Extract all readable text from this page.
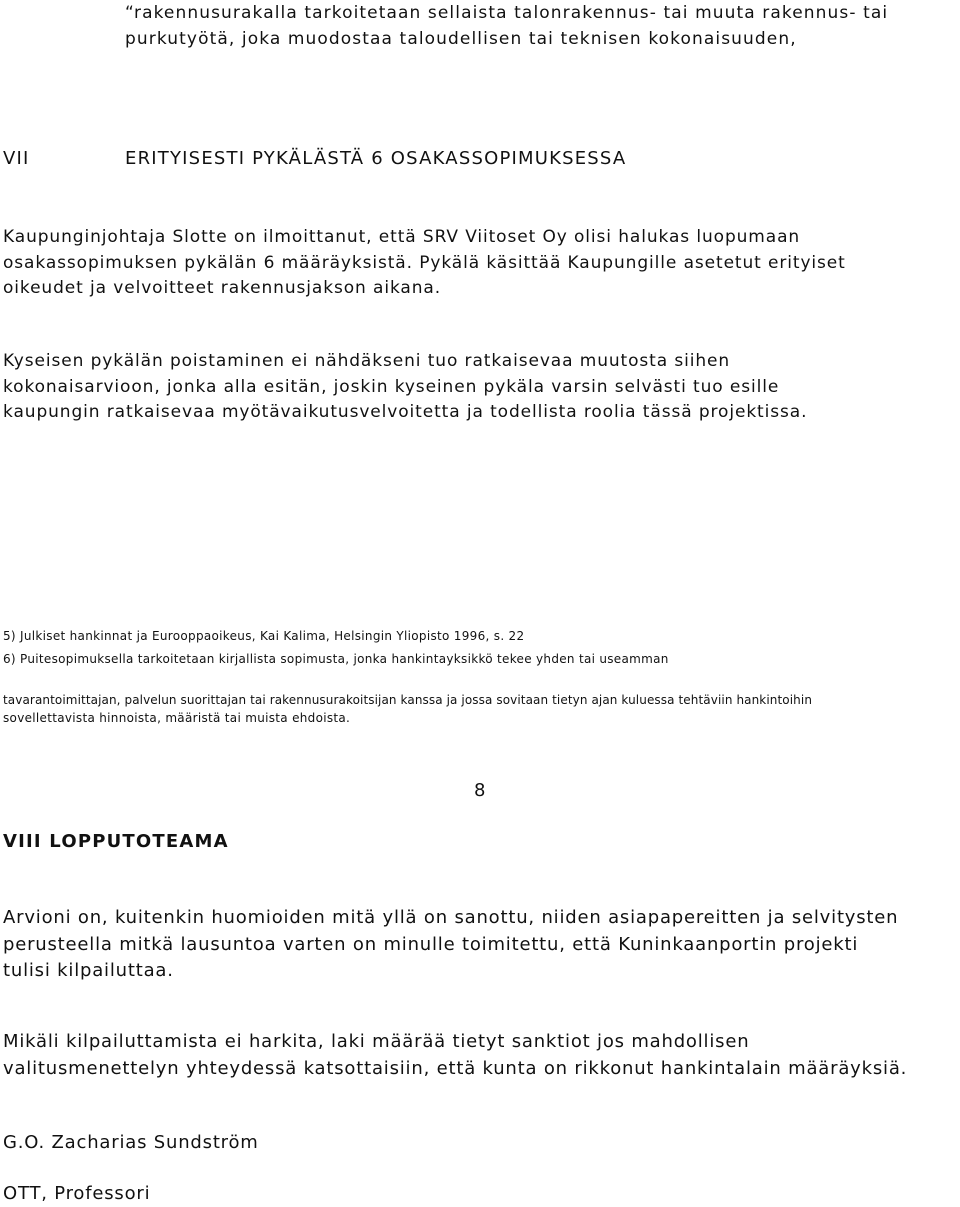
“rakennusurakalla tarkoitetaan sellaista talonrakennus- tai muuta rakennus- tai

purkutyötä, joka muodostaa taloudellisen tai teknisen kokonaisuuden,

VII	ERITYISESTI PYKÄLÄSTÄ 6 OSAKASSOPIMUKSESSA

Kaupunginjohtaja Slotte on ilmoittanut, että SRV Viitoset Oy olisi halukas luopumaan

osakassopimuksen pykälän 6 määräyksistä. Pykälä käsittää Kaupungille asetetut erityiset

oikeudet ja velvoitteet rakennusjakson aikana.

Kyseisen pykälän poistaminen ei nähdäkseni tuo ratkaisevaa muutosta siihen

kokonaisarvioon, jonka alla esitän, joskin kyseinen pykäla varsin selvästi tuo esille

kaupungin ratkaisevaa myötävaikutusvelvoitetta ja todellista roolia tässä projektissa.

5) Julkiset hankinnat ja Eurooppaoikeus, Kai Kalima, Helsingin Yliopisto 1996, s. 22

6) Puitesopimuksella tarkoitetaan kirjallista sopimusta, jonka hankintayksikkö tekee yhden tai useamman

tavarantoimittajan, palvelun suorittajan tai rakennusurakoitsijan kanssa ja jossa sovitaan tietyn ajan kuluessa tehtäviin hankintoihin

sovellettavista hinnoista, määristä tai muista ehdoista.

8

VIII LOPPUTOTEAMA

Arvioni on, kuitenkin huomioiden mitä yllä on sanottu, niiden asiapapereitten ja selvitysten

perusteella mitkä lausuntoa varten on minulle toimitettu, että Kuninkaanportin projekti

tulisi kilpailuttaa.

Mikäli kilpailuttamista ei harkita, laki määrää tietyt sanktiot jos mahdollisen

valitusmenettelyn yhteydessä katsottaisiin, että kunta on rikkonut hankintalain määräyksiä.

G.O. Zacharias Sundström

OTT, Professori
